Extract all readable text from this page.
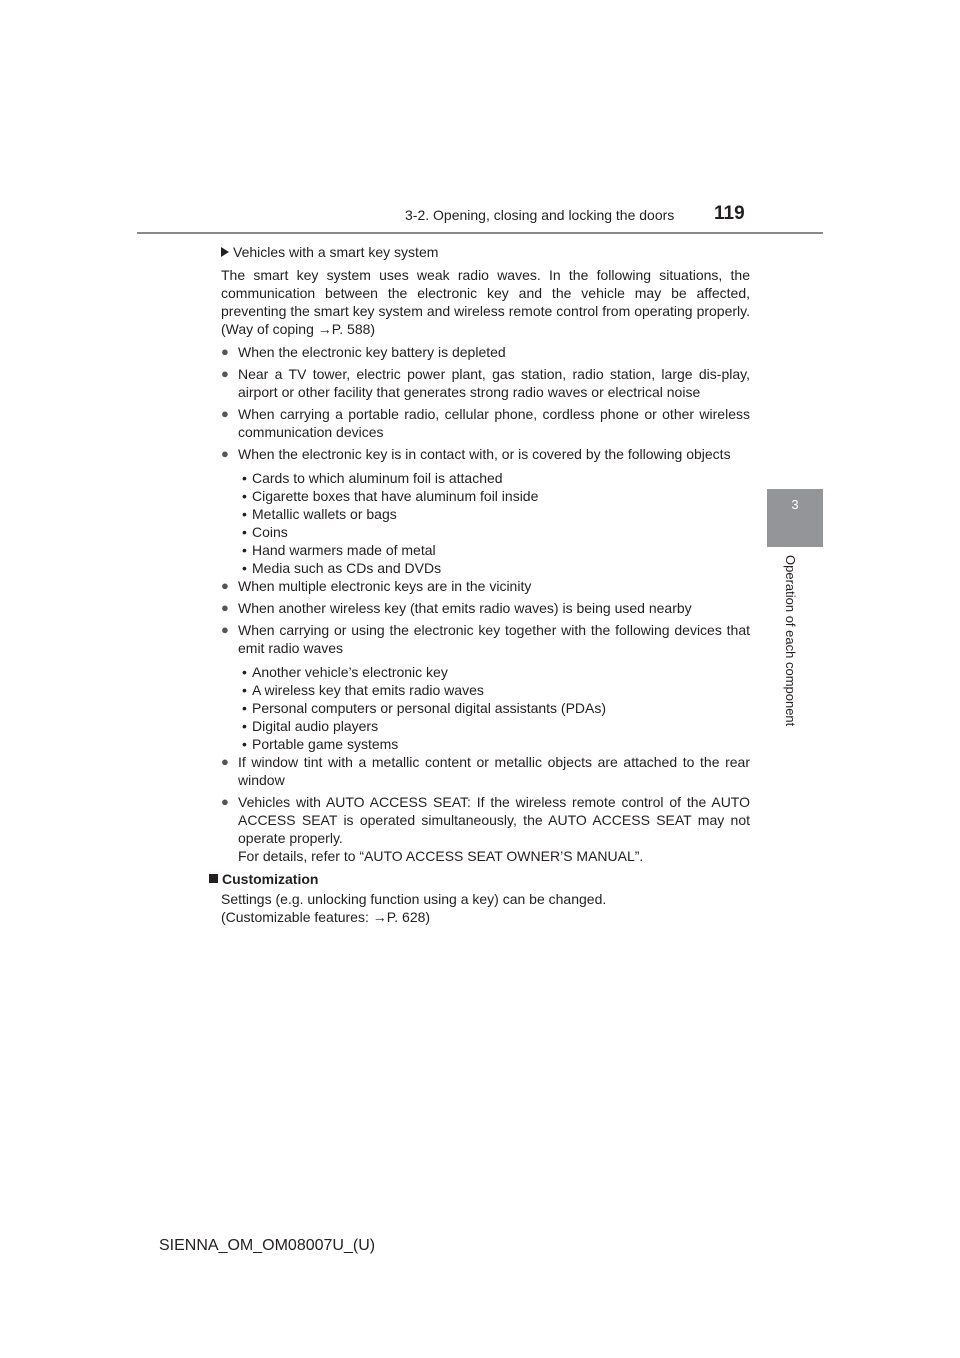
3-2. Opening, closing and locking the doors 119
3
Operation of each component

Vehicles with a smart key system

The smart key system uses weak radio waves. In the following situations, the communication between the electronic key and the vehicle may be affected, preventing the smart key system and wireless remote control from operating properly. (Way of coping →P. 588)

● When the electronic key battery is depleted
● Near a TV tower, electric power plant, gas station, radio station, large dis-play, airport or other facility that generates strong radio waves or electrical noise
● When carrying a portable radio, cellular phone, cordless phone or other wireless communication devices
● When the electronic key is in contact with, or is covered by the following objects
• Cards to which aluminum foil is attached
• Cigarette boxes that have aluminum foil inside
• Metallic wallets or bags
• Coins
• Hand warmers made of metal
• Media such as CDs and DVDs
● When multiple electronic keys are in the vicinity
● When another wireless key (that emits radio waves) is being used nearby
● When carrying or using the electronic key together with the following devices that emit radio waves
• Another vehicle’s electronic key
• A wireless key that emits radio waves
• Personal computers or personal digital assistants (PDAs)
• Digital audio players
• Portable game systems
● If window tint with a metallic content or metallic objects are attached to the rear window
● Vehicles with AUTO ACCESS SEAT: If the wireless remote control of the AUTO ACCESS SEAT is operated simultaneously, the AUTO ACCESS SEAT may not operate properly.

For details, refer to “AUTO ACCESS SEAT OWNER’S MANUAL”.

Customization

Settings (e.g. unlocking function using a key) can be changed.

(Customizable features: →P. 628)

SIENNA_OM_OM08007U_(U)
